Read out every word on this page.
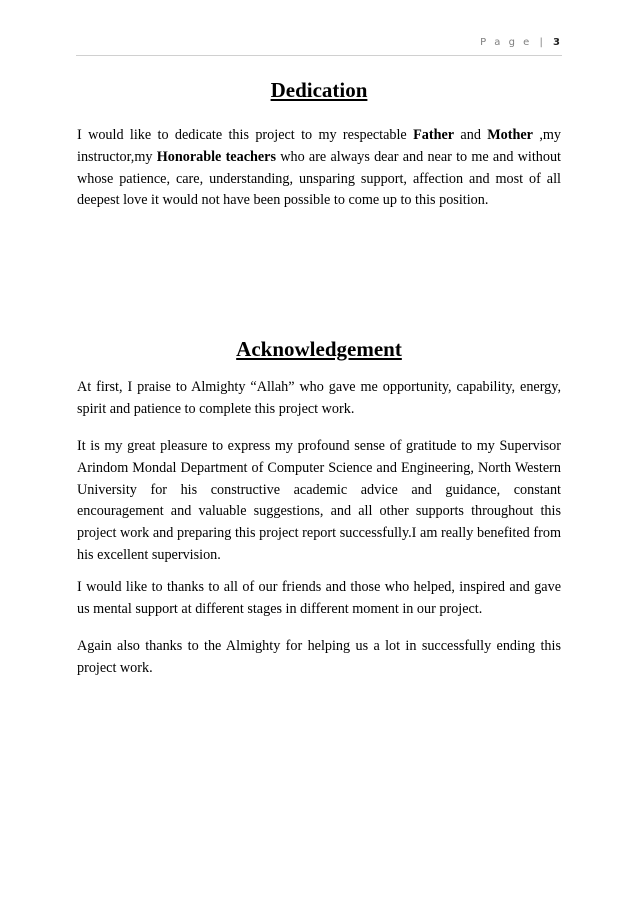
P a g e | 3
Dedication

I would like to dedicate this project to my respectable Father and Mother ,my instructor,my Honorable teachers who are always dear and near to me and without whose patience, care, understanding, unsparing support, affection and most of all deepest love it would not have been possible to come up to this position.

Acknowledgement

At first, I praise to Almighty “Allah” who gave me opportunity, capability, energy, spirit and patience to complete this project work.

It is my great pleasure to express my profound sense of gratitude to my Supervisor Arindom Mondal Department of Computer Science and Engineering, North Western University for his constructive academic advice and guidance, constant encouragement and valuable suggestions, and all other supports throughout this project work and preparing this project report successfully.I am really benefited from his excellent supervision.

I would like to thanks to all of our friends and those who helped, inspired and gave us mental support at different stages in different moment in our project.

Again also thanks to the Almighty for helping us a lot in successfully ending this project work.
